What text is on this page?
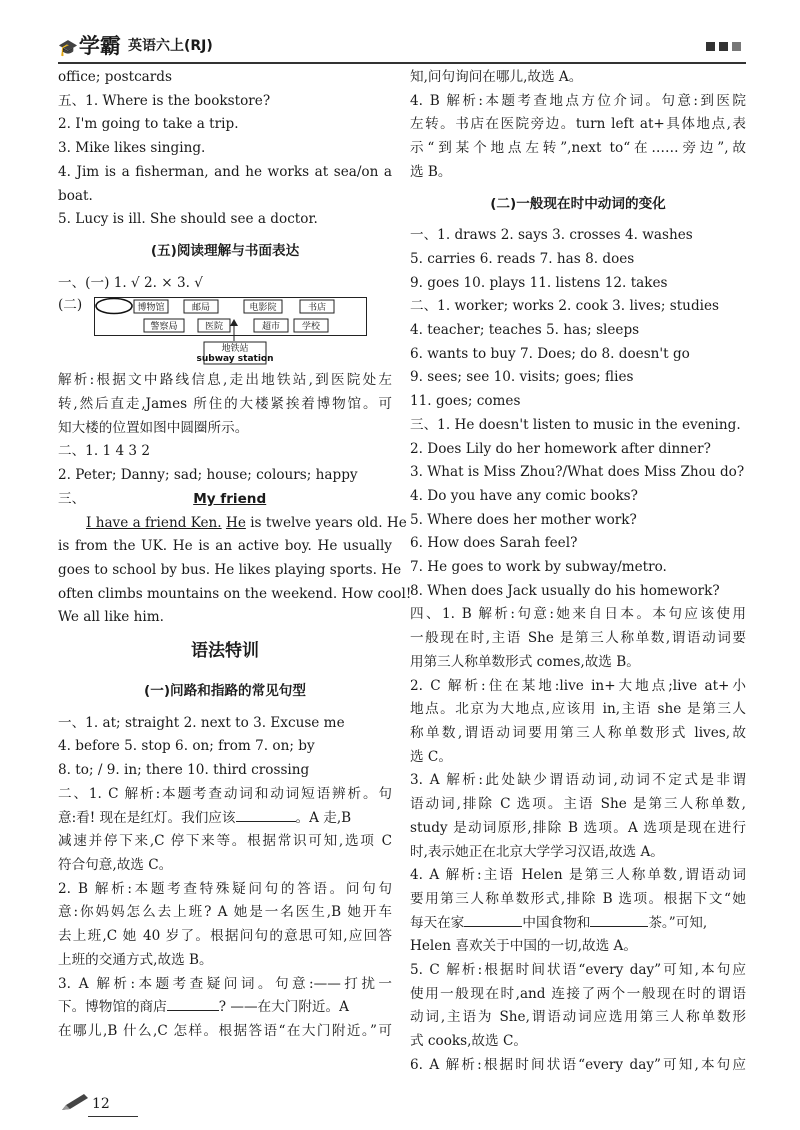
🎓学霸 英语六上(RJ)
office; postcards
五、1. Where is the bookstore?
2. I'm going to take a trip.
3. Mike likes singing.
4. Jim is a fisherman, and he works at sea/on a
boat.
5. Lucy is ill. She should see a doctor.
(五)阅读理解与书面表达
一、(一) 1. √ 2. × 3. √
(二)	博物馆	邮局	电影院	书店
警察局	医院	超市 学校
地铁站
subway station
解析:根据文中路线信息,走出地铁站,到医院处左
转,然后直走,James 所住的大楼紧挨着博物馆。可
知大楼的位置如图中圆圈所示。
二、1. 1 4 3 2
2. Peter; Danny; sad; house; colours; happy
三、	My friend
I have a friend Ken. He is twelve years old. He
is from the UK. He is an active boy. He usually
goes to school by bus. He likes playing sports. He
often climbs mountains on the weekend. How cool!
We all like him.
语法特训
(一)问路和指路的常见句型
一、1. at; straight 2. next to 3. Excuse me
4. before 5. stop 6. on; from 7. on; by
8. to; / 9. in; there 10. third crossing
二、1. C 解析:本题考查动词和动词短语辨析。句
意:看! 现在是红灯。我们应该	。A 走,B
减速并停下来,C 停下来等。根据常识可知,选项 C
符合句意,故选 C。
2. B 解析:本题考查特殊疑问句的答语。问句句
意:你妈妈怎么去上班? A 她是一名医生,B 她开车
去上班,C 她 40 岁了。根据问句的意思可知,应回答
上班的交通方式,故选 B。
3. A 解析:本题考查疑问词。句意:——打扰一
下。博物馆的商店	? ——在大门附近。A
在哪儿,B 什么,C 怎样。根据答语“在大门附近。”可
知,问句询问在哪儿,故选 A。
4. B 解析:本题考查地点方位介词。句意:到医院
左转。书店在医院旁边。turn left at+具体地点,表
示“到某个地点左转”,next to“在……旁边”,故
选 B。
(二)一般现在时中动词的变化
一、1. draws 2. says 3. crosses 4. washes
5. carries 6. reads 7. has 8. does
9. goes 10. plays 11. listens 12. takes
二、1. worker; works 2. cook 3. lives; studies
4. teacher; teaches 5. has; sleeps
6. wants to buy 7. Does; do 8. doesn't go
9. sees; see 10. visits; goes; flies
11. goes; comes
三、1. He doesn't listen to music in the evening.
2. Does Lily do her homework after dinner?
3. What is Miss Zhou?/What does Miss Zhou do?
4. Do you have any comic books?
5. Where does her mother work?
6. How does Sarah feel?
7. He goes to work by subway/metro.
8. When does Jack usually do his homework?
四、1. B 解析:句意:她来自日本。本句应该使用
一般现在时,主语 She 是第三人称单数,谓语动词要
用第三人称单数形式 comes,故选 B。
2. C 解析:住在某地:live in+大地点;live at+小
地点。北京为大地点,应该用 in,主语 she 是第三人
称单数,谓语动词要用第三人称单数形式 lives,故
选 C。
3. A 解析:此处缺少谓语动词,动词不定式是非谓
语动词,排除 C 选项。主语 She 是第三人称单数,
study 是动词原形,排除 B 选项。A 选项是现在进行
时,表示她正在北京大学学习汉语,故选 A。
4. A 解析:主语 Helen 是第三人称单数,谓语动词
要用第三人称单数形式,排除 B 选项。根据下文“她
每天在家	中国食物和	茶。”可知,
Helen 喜欢关于中国的一切,故选 A。
5. C 解析:根据时间状语“every day”可知,本句应
使用一般现在时,and 连接了两个一般现在时的谓语
动词,主语为 She,谓语动词应选用第三人称单数形
式 cooks,故选 C。
6. A 解析:根据时间状语“every day”可知,本句应
12
